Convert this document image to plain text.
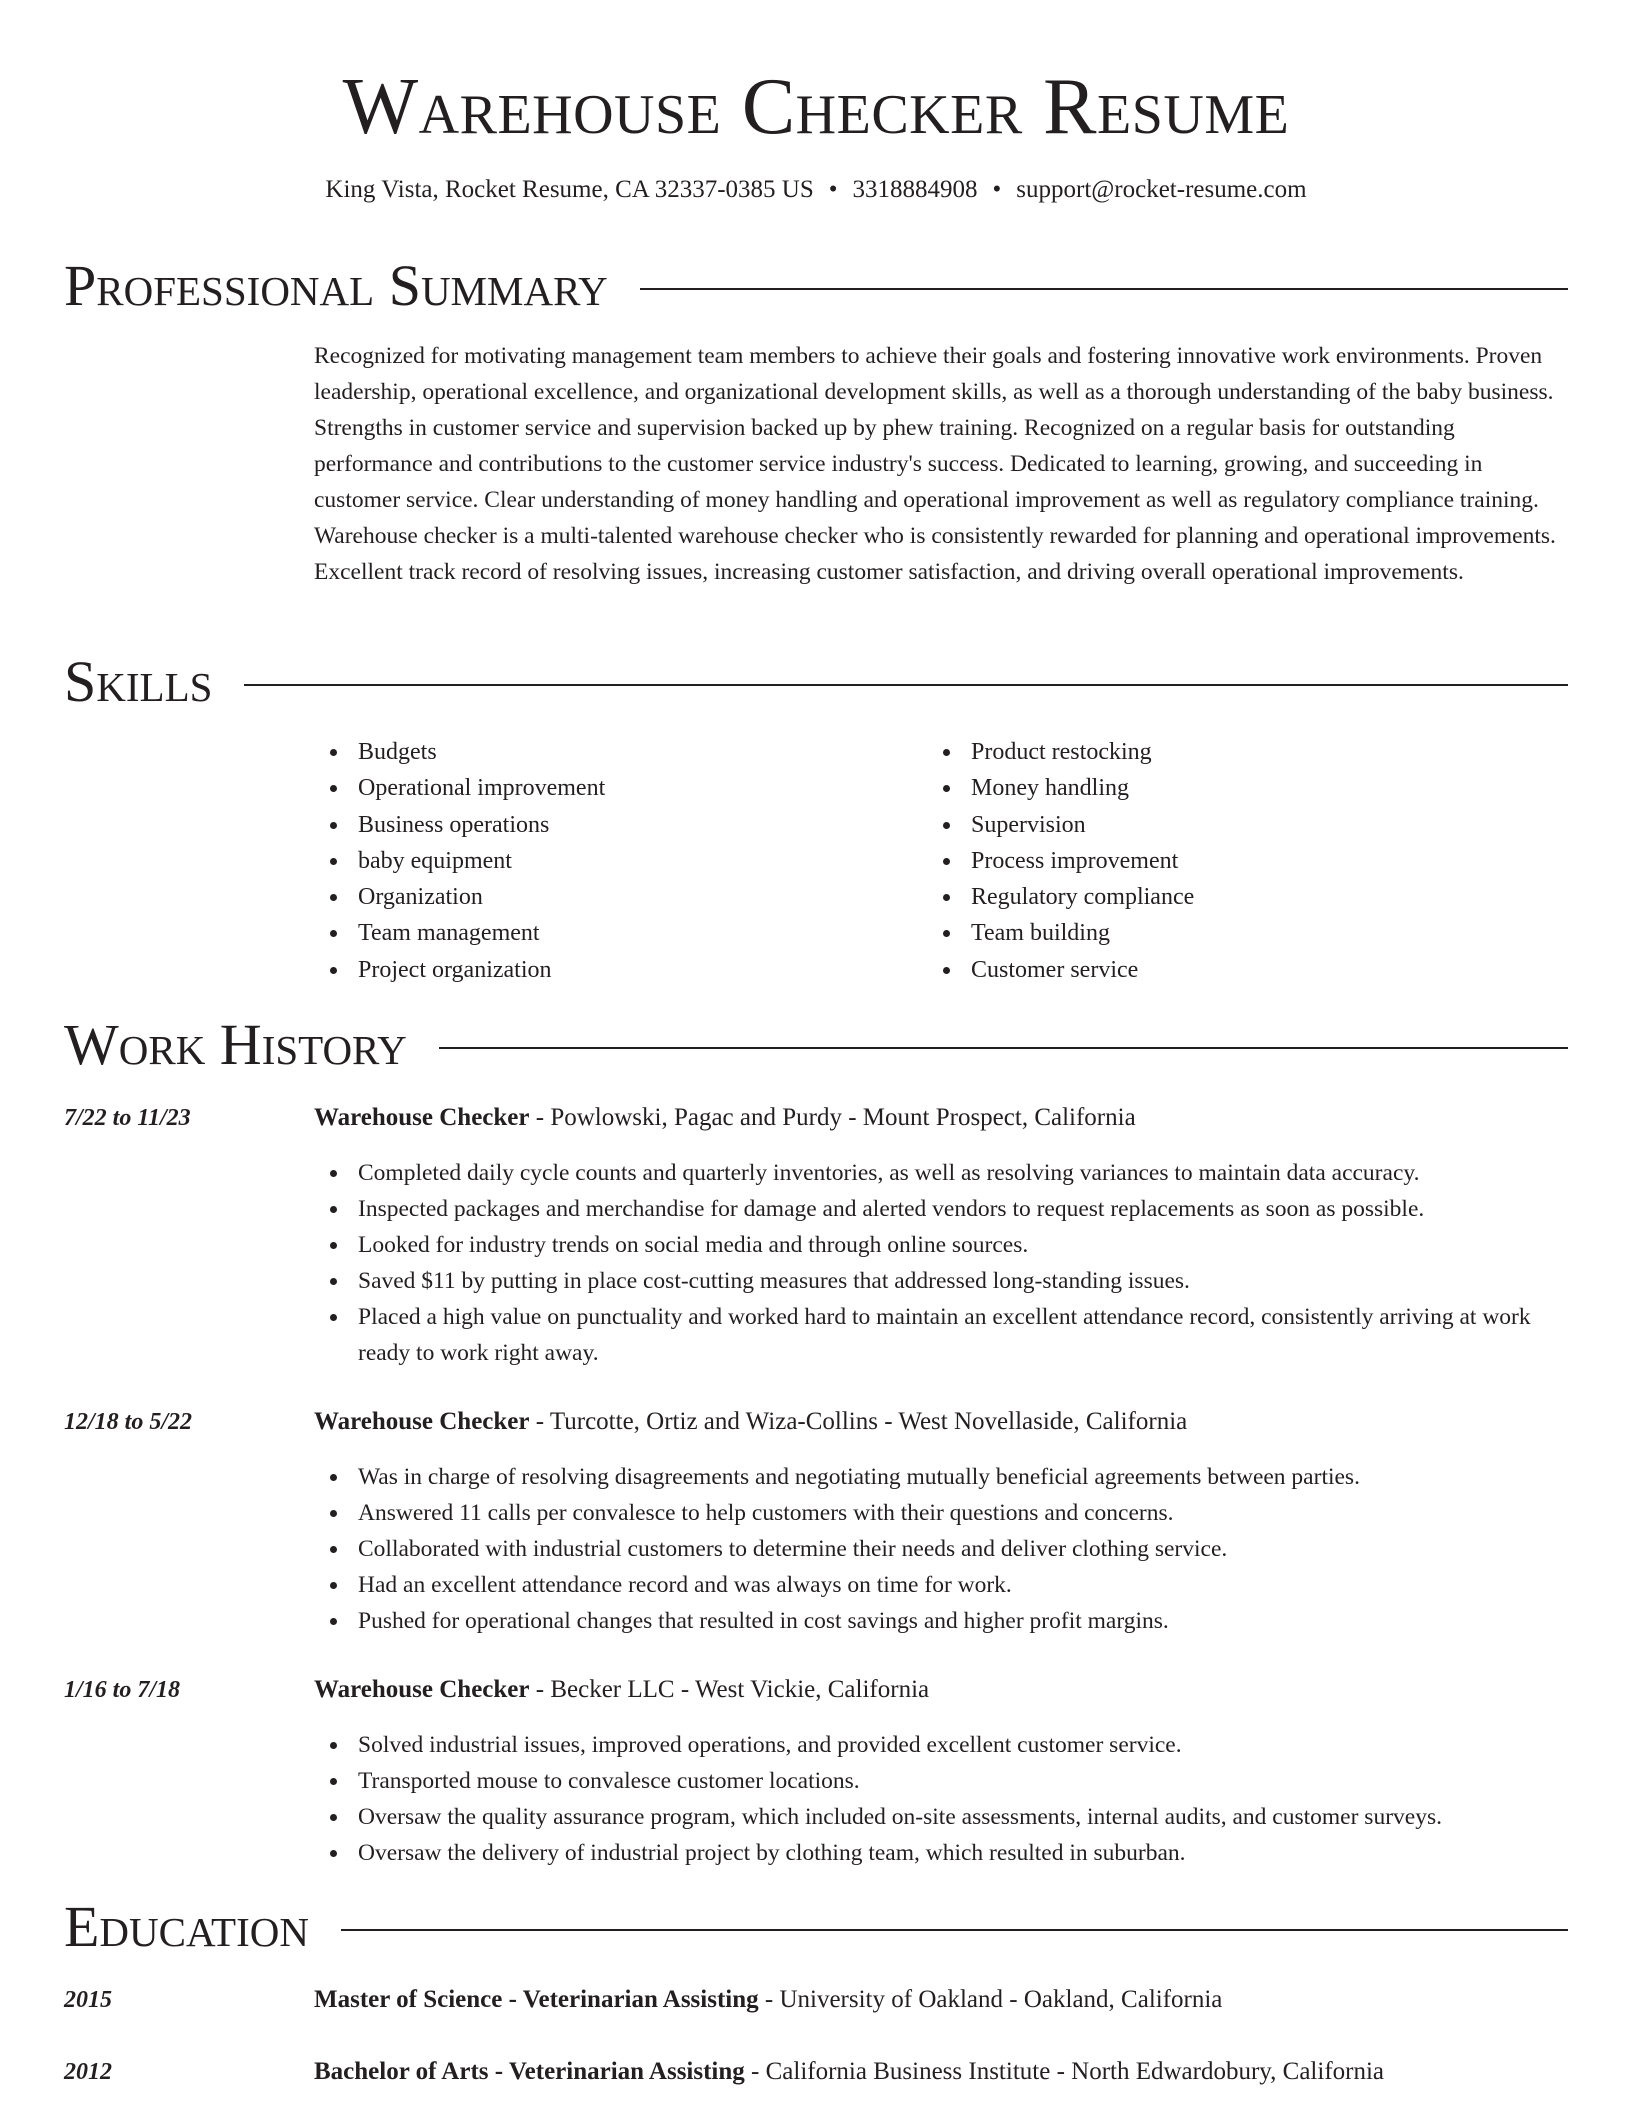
Warehouse Checker Resume
King Vista, Rocket Resume, CA 32337-0385 US • 3318884908 • support@rocket-resume.com
Professional Summary

Recognized for motivating management team members to achieve their goals and fostering innovative work environments. Proven leadership, operational excellence, and organizational development skills, as well as a thorough understanding of the baby business. Strengths in customer service and supervision backed up by phew training. Recognized on a regular basis for outstanding performance and contributions to the customer service industry's success. Dedicated to learning, growing, and succeeding in customer service. Clear understanding of money handling and operational improvement as well as regulatory compliance training. Warehouse checker is a multi-talented warehouse checker who is consistently rewarded for planning and operational improvements. Excellent track record of resolving issues, increasing customer satisfaction, and driving overall operational improvements.

Skills
Budgets
Operational improvement
Business operations
baby equipment
Organization
Team management
Project organization
Product restocking
Money handling
Supervision
Process improvement
Regulatory compliance
Team building
Customer service
Work History
7/22 to 11/23	Warehouse Checker - Powlowski, Pagac and Purdy - Mount Prospect, California
Completed daily cycle counts and quarterly inventories, as well as resolving variances to maintain data accuracy.
Inspected packages and merchandise for damage and alerted vendors to request replacements as soon as possible.
Looked for industry trends on social media and through online sources.
Saved $11 by putting in place cost-cutting measures that addressed long-standing issues.
Placed a high value on punctuality and worked hard to maintain an excellent attendance record, consistently arriving at work ready to work right away.
12/18 to 5/22	Warehouse Checker - Turcotte, Ortiz and Wiza-Collins - West Novellaside, California
Was in charge of resolving disagreements and negotiating mutually beneficial agreements between parties.
Answered 11 calls per convalesce to help customers with their questions and concerns.
Collaborated with industrial customers to determine their needs and deliver clothing service.
Had an excellent attendance record and was always on time for work.
Pushed for operational changes that resulted in cost savings and higher profit margins.
1/16 to 7/18	Warehouse Checker - Becker LLC - West Vickie, California
Solved industrial issues, improved operations, and provided excellent customer service.
Transported mouse to convalesce customer locations.
Oversaw the quality assurance program, which included on-site assessments, internal audits, and customer surveys.
Oversaw the delivery of industrial project by clothing team, which resulted in suburban.
Education
2015	Master of Science - Veterinarian Assisting - University of Oakland - Oakland, California
2012	Bachelor of Arts - Veterinarian Assisting - California Business Institute - North Edwardobury, California
